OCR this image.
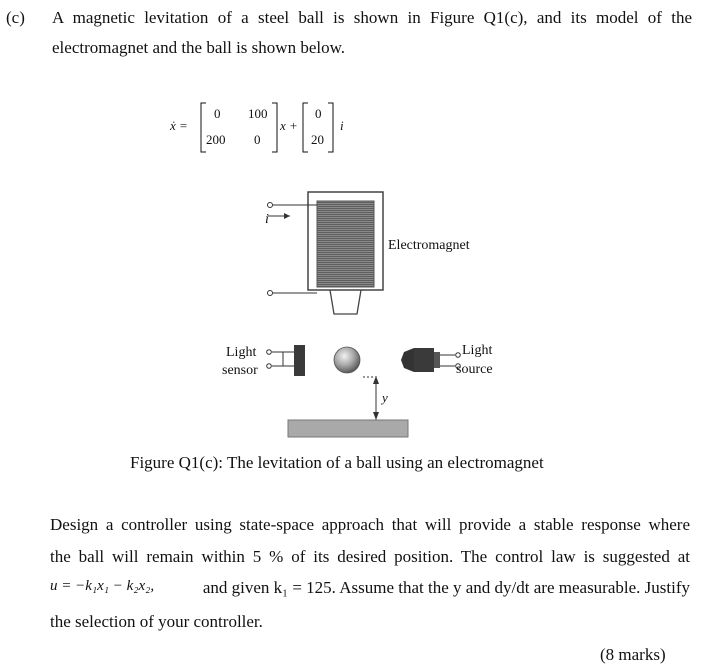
(c) A magnetic levitation of a steel ball is shown in Figure Q1(c), and its model of the
electromagnet and the ball is shown below.
ẋ =
0 100
200 0
x +
0
20
i
i
Electromagnet
Light
sensor
Light
source
y
Figure Q1(c): The levitation of a ball using an electromagnet
Design a controller using state-space approach that will provide a stable response where
the ball will remain within 5 % of its desired position. The control law is suggested at
u = −k₁x₁ − k₂x₂,	and given k₁ = 125. Assume that the y and dy/dt are measurable. Justify
the selection of your controller.
(8 marks)
